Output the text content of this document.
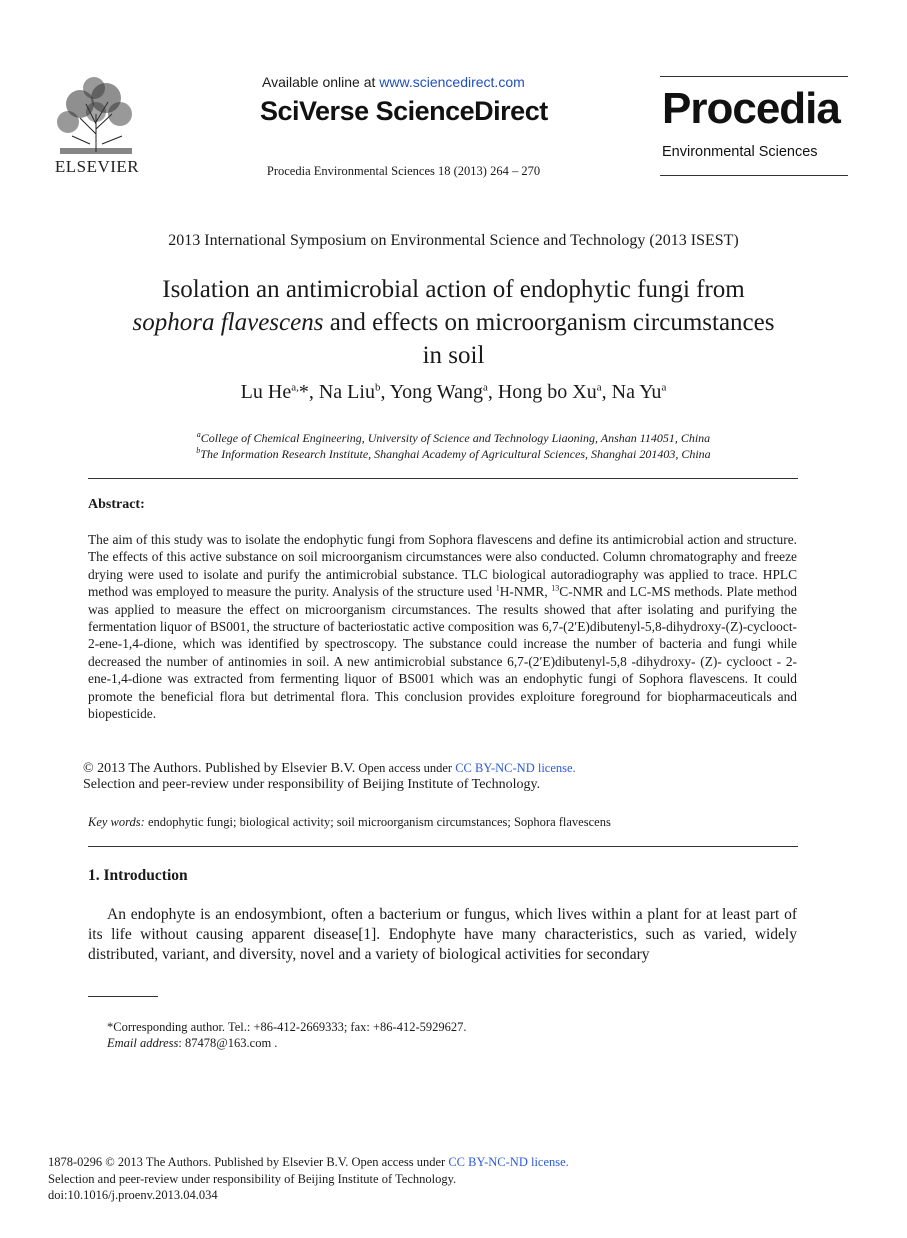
ELSEVIER
Available online at www.sciencedirect.com
SciVerse ScienceDirect
Procedia Environmental Sciences 18 (2013) 264 – 270
Procedia
Environmental Sciences
2013 International Symposium on Environmental Science and Technology (2013 ISEST)
Isolation an antimicrobial action of endophytic fungi from
sophora flavescens and effects on microorganism circumstances
in soil
Lu $He^{a,}*$, Na Liu$^b$, Yong Wang$^a$, Hong bo Xu$^a$, Na Yu$^a$
$^a$College of Chemical Engineering, University of Science and Technology Liaoning, Anshan 114051, China
$^b$The Information Research Institute, Shanghai Academy of Agricultural Sciences, Shanghai 201403, China
Abstract:
The aim of this study was to isolate the endophytic fungi from Sophora flavescens and define its antimicrobial action and structure. The effects of this active substance on soil microorganism circumstances were also conducted. Column chromatography and freeze drying were used to isolate and purify the antimicrobial substance. TLC biological autoradiography was applied to trace. HPLC method was employed to measure the purity. Analysis of the structure used $^1$H-NMR, $^{13}$C-NMR and LC-MS methods. Plate method was applied to measure the effect on microorganism circumstances. The results showed that after isolating and purifying the fermentation liquor of BS001, the structure of bacteriostatic active composition was 6,7-(2′E)dibutenyl-5,8-dihydroxy-(Z)-cyclooct-2-ene-1,4-dione, which was identified by spectroscopy. The substance could increase the number of bacteria and fungi while decreased the number of antinomies in soil. A new antimicrobial substance 6,7-(2′E)dibutenyl-5,8 -dihydroxy- (Z)- cyclooct - 2-ene-1,4-dione was extracted from fermenting liquor of BS001 which was an endophytic fungi of Sophora flavescens. It could promote the beneficial flora but detrimental flora. This conclusion provides exploiture foreground for biopharmaceuticals and biopesticide.
© 2013 The Authors. Published by Elsevier B.V. Open access under CC BY-NC-ND license.
Selection and peer-review under responsibility of Beijing Institute of Technology.
Key words: endophytic fungi; biological activity; soil microorganism circumstances; Sophora flavescens
1. Introduction
An endophyte is an endosymbiont, often a bacterium or fungus, which lives within a plant for at least part of its life without causing apparent disease[1]. Endophyte have many characteristics, such as varied, widely distributed, variant, and diversity, novel and a variety of biological activities for secondary
*Corresponding author. Tel.: +86-412-2669333; fax: +86-412-5929627.
Email address: 87478@163.com .
1878-0296 © 2013 The Authors. Published by Elsevier B.V. Open access under CC BY-NC-ND license.
Selection and peer-review under responsibility of Beijing Institute of Technology.
doi:10.1016/j.proenv.2013.04.034
